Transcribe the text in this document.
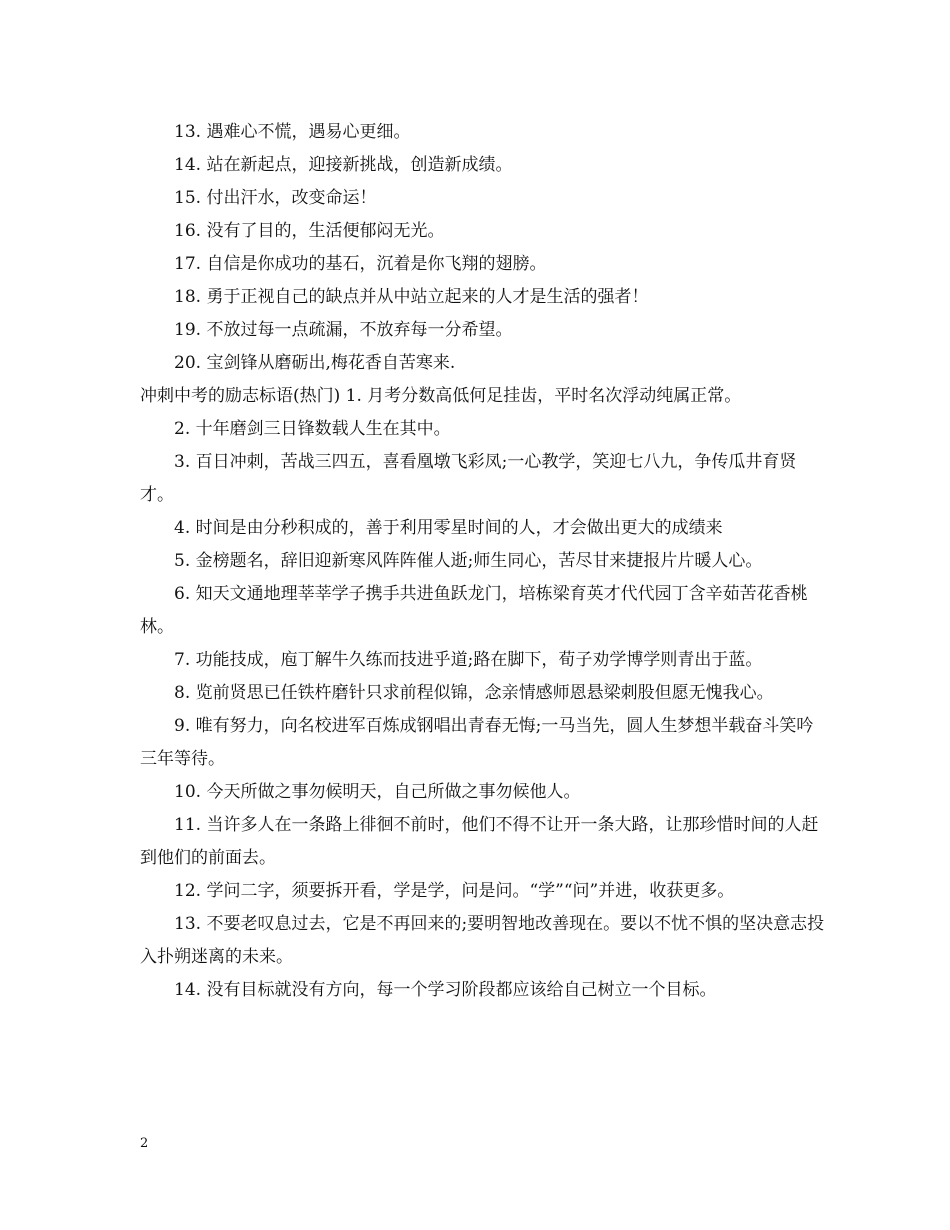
13. 遇难心不慌，遇易心更细。

14. 站在新起点，迎接新挑战，创造新成绩。

15. 付出汗水，改变命运！

16. 没有了目的，生活便郁闷无光。

17. 自信是你成功的基石，沉着是你飞翔的翅膀。

18. 勇于正视自己的缺点并从中站立起来的人才是生活的强者！

19. 不放过每一点疏漏，不放弃每一分希望。

20. 宝剑锋从磨砺出,梅花香自苦寒来.

冲刺中考的励志标语(热门) 1. 月考分数高低何足挂齿，平时名次浮动纯属正常。

2. 十年磨剑三日锋数载人生在其中。

3. 百日冲刺，苦战三四五，喜看凰墩飞彩凤;一心教学，笑迎七八九，争传瓜井育贤才。

4. 时间是由分秒积成的，善于利用零星时间的人，才会做出更大的成绩来

5. 金榜题名，辞旧迎新寒风阵阵催人逝;师生同心，苦尽甘来捷报片片暖人心。

6. 知天文通地理莘莘学子携手共进鱼跃龙门，培栋梁育英才代代园丁含辛茹苦花香桃林。

7. 功能技成，庖丁解牛久练而技进乎道;路在脚下，荀子劝学博学则青出于蓝。

8. 览前贤思已任铁杵磨针只求前程似锦，念亲情感师恩悬梁刺股但愿无愧我心。

9. 唯有努力，向名校进军百炼成钢唱出青春无悔;一马当先，圆人生梦想半载奋斗笑吟三年等待。

10. 今天所做之事勿候明天，自己所做之事勿候他人。

11. 当许多人在一条路上徘徊不前时，他们不得不让开一条大路，让那珍惜时间的人赶到他们的前面去。

12. 学问二字，须要拆开看，学是学，问是问。“学”“问”并进，收获更多。

13. 不要老叹息过去，它是不再回来的;要明智地改善现在。要以不忧不惧的坚决意志投入扑朔迷离的未来。

14. 没有目标就没有方向，每一个学习阶段都应该给自己树立一个目标。

2
